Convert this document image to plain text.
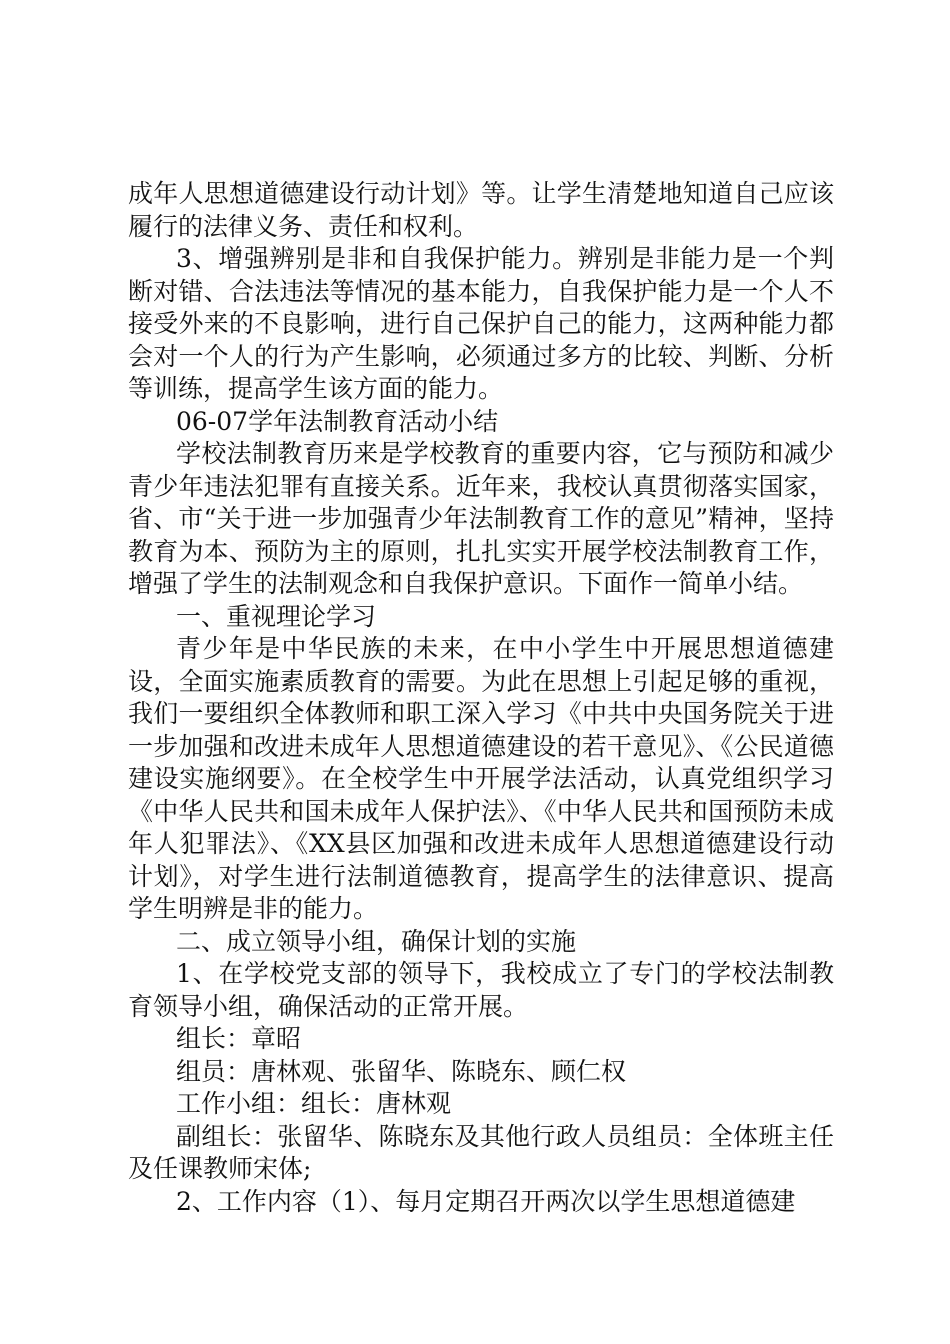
成年人思想道德建设行动计划》等。让学生清楚地知道自己应该履行的法律义务、责任和权利。

3、增强辨别是非和自我保护能力。辨别是非能力是一个判断对错、合法违法等情况的基本能力，自我保护能力是一个人不接受外来的不良影响，进行自己保护自己的能力，这两种能力都会对一个人的行为产生影响，必须通过多方的比较、判断、分析等训练，提高学生该方面的能力。

06-07学年法制教育活动小结

学校法制教育历来是学校教育的重要内容，它与预防和减少青少年违法犯罪有直接关系。近年来，我校认真贯彻落实国家，省、市“关于进一步加强青少年法制教育工作的意见”精神，坚持教育为本、预防为主的原则，扎扎实实开展学校法制教育工作，增强了学生的法制观念和自我保护意识。下面作一简单小结。

一、重视理论学习

青少年是中华民族的未来，在中小学生中开展思想道德建设，全面实施素质教育的需要。为此在思想上引起足够的重视，我们一要组织全体教师和职工深入学习《中共中央国务院关于进一步加强和改进未成年人思想道德建设的若干意见》、《公民道德建设实施纲要》。在全校学生中开展学法活动，认真党组织学习《中华人民共和国未成年人保护法》、《中华人民共和国预防未成年人犯罪法》、《XX县区加强和改进未成年人思想道德建设行动计划》，对学生进行法制道德教育，提高学生的法律意识、提高学生明辨是非的能力。

二、成立领导小组，确保计划的实施

1、在学校党支部的领导下，我校成立了专门的学校法制教育领导小组，确保活动的正常开展。

组长：章昭

组员：唐林观、张留华、陈晓东、顾仁权

工作小组：组长：唐林观

副组长：张留华、陈晓东及其他行政人员组员：全体班主任及任课教师宋体;

2、工作内容（1）、每月定期召开两次以学生思想道德建
